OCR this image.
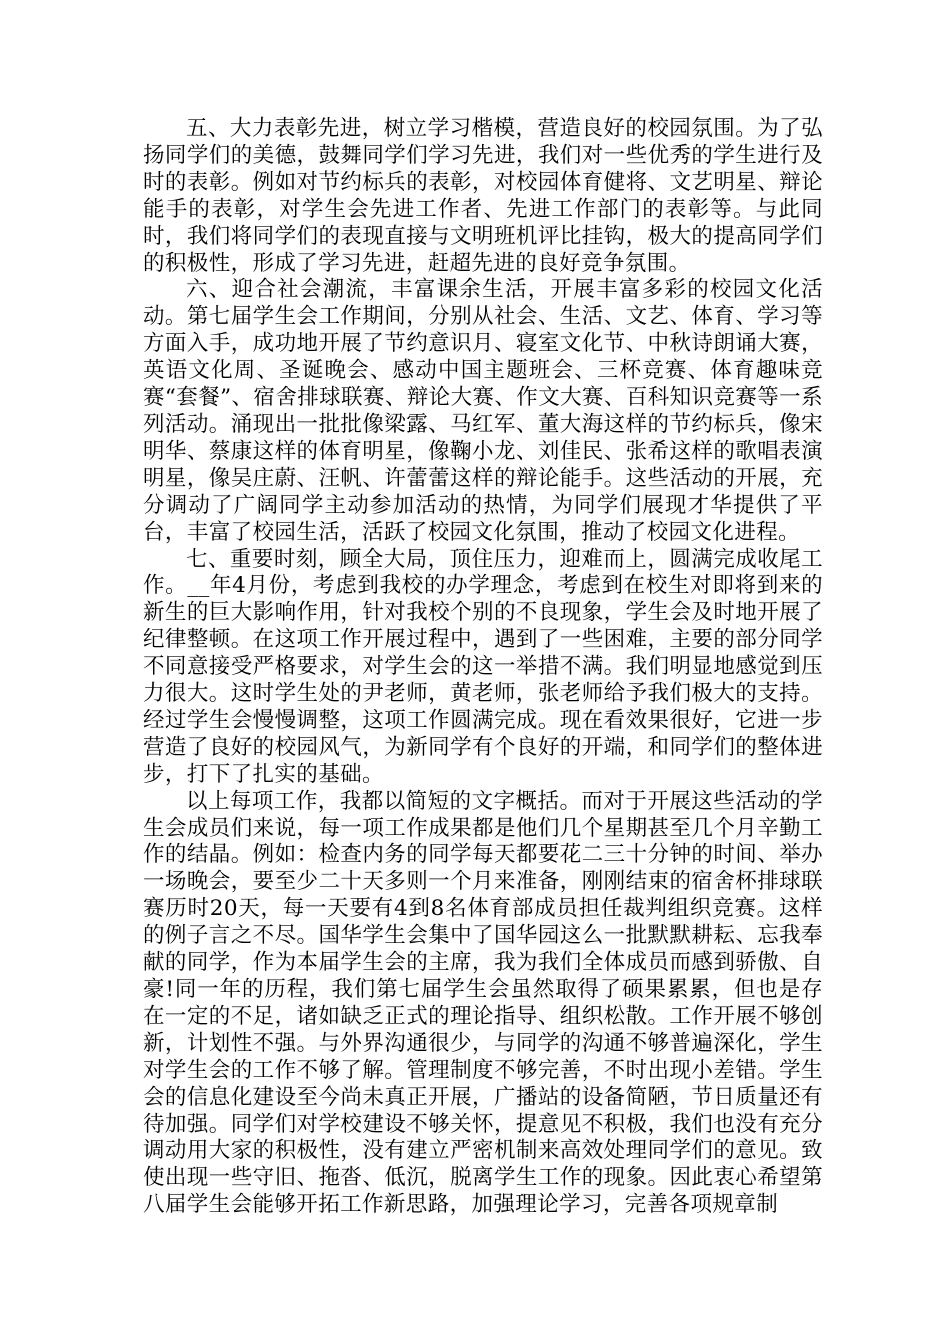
五、大力表彰先进，树立学习楷模，营造良好的校园氛围。为了弘扬同学们的美德，鼓舞同学们学习先进，我们对一些优秀的学生进行及时的表彰。例如对节约标兵的表彰，对校园体育健将、文艺明星、辩论能手的表彰，对学生会先进工作者、先进工作部门的表彰等。与此同时，我们将同学们的表现直接与文明班机评比挂钩，极大的提高同学们的积极性，形成了学习先进，赶超先进的良好竞争氛围。

六、迎合社会潮流，丰富课余生活，开展丰富多彩的校园文化活动。第七届学生会工作期间，分别从社会、生活、文艺、体育、学习等方面入手，成功地开展了节约意识月、寝室文化节、中秋诗朗诵大赛，英语文化周、圣诞晚会、感动中国主题班会、三杯竞赛、体育趣味竞赛“套餐”、宿舍排球联赛、辩论大赛、作文大赛、百科知识竞赛等一系列活动。涌现出一批批像梁露、马红军、董大海这样的节约标兵，像宋明华、蔡康这样的体育明星，像鞠小龙、刘佳民、张希这样的歌唱表演明星，像吴庄蔚、汪帆、许蕾蕾这样的辩论能手。这些活动的开展，充分调动了广阔同学主动参加活动的热情，为同学们展现才华提供了平台，丰富了校园生活，活跃了校园文化氛围，推动了校园文化进程。

七、重要时刻，顾全大局，顶住压力，迎难而上，圆满完成收尾工作。__年4月份，考虑到我校的办学理念，考虑到在校生对即将到来的新生的巨大影响作用，针对我校个别的不良现象，学生会及时地开展了纪律整顿。在这项工作开展过程中，遇到了一些困难，主要的部分同学不同意接受严格要求，对学生会的这一举措不满。我们明显地感觉到压力很大。这时学生处的尹老师，黄老师，张老师给予我们极大的支持。经过学生会慢慢调整，这项工作圆满完成。现在看效果很好，它进一步营造了良好的校园风气，为新同学有个良好的开端，和同学们的整体进步，打下了扎实的基础。

以上每项工作，我都以简短的文字概括。而对于开展这些活动的学生会成员们来说，每一项工作成果都是他们几个星期甚至几个月辛勤工作的结晶。例如：检查内务的同学每天都要花二三十分钟的时间、举办一场晚会，要至少二十天多则一个月来准备，刚刚结束的宿舍杯排球联赛历时20天，每一天要有4到8名体育部成员担任裁判组织竞赛。这样的例子言之不尽。国华学生会集中了国华园这么一批默默耕耘、忘我奉献的同学，作为本届学生会的主席，我为我们全体成员而感到骄傲、自豪!同一年的历程，我们第七届学生会虽然取得了硕果累累，但也是存在一定的不足，诸如缺乏正式的理论指导、组织松散。工作开展不够创新，计划性不强。与外界沟通很少，与同学的沟通不够普遍深化，学生对学生会的工作不够了解。管理制度不够完善，不时出现小差错。学生会的信息化建设至今尚未真正开展，广播站的设备简陋，节日质量还有待加强。同学们对学校建设不够关怀，提意见不积极，我们也没有充分调动用大家的积极性，没有建立严密机制来高效处理同学们的意见。致使出现一些守旧、拖沓、低沉，脱离学生工作的现象。因此衷心希望第八届学生会能够开拓工作新思路，加强理论学习，完善各项规章制
